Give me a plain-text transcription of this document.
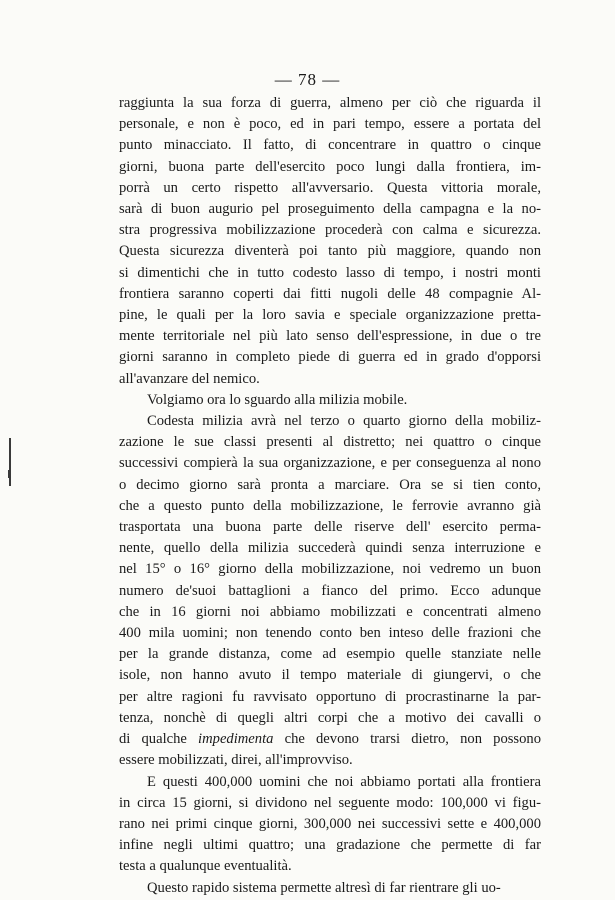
— 78 —
raggiunta la sua forza di guerra, almeno per ciò che riguarda il
personale, e non è poco, ed in pari tempo, essere a portata del
punto minacciato. Il fatto, di concentrare in quattro o cinque
giorni, buona parte dell'esercito poco lungi dalla frontiera, im-
porrà un certo rispetto all'avversario. Questa vittoria morale,
sarà di buon augurio pel proseguimento della campagna e la no-
stra progressiva mobilizzazione procederà con calma e sicurezza.
Questa sicurezza diventerà poi tanto più maggiore, quando non
si dimentichi che in tutto codesto lasso di tempo, i nostri monti
frontiera saranno coperti dai fitti nugoli delle 48 compagnie Al-
pine, le quali per la loro savia e speciale organizzazione pretta-
mente territoriale nel più lato senso dell'espressione, in due o tre
giorni saranno in completo piede di guerra ed in grado d'opporsi
all'avanzare del nemico.
Volgiamo ora lo sguardo alla milizia mobile.
Codesta milizia avrà nel terzo o quarto giorno della mobiliz-
zazione le sue classi presenti al distretto; nei quattro o cinque
successivi compierà la sua organizzazione, e per conseguenza al nono
o decimo giorno sarà pronta a marciare. Ora se si tien conto,
che a questo punto della mobilizzazione, le ferrovie avranno già
trasportata una buona parte delle riserve dell' esercito perma-
nente, quello della milizia succederà quindi senza interruzione e
nel 15° o 16° giorno della mobilizzazione, noi vedremo un buon
numero de'suoi battaglioni a fianco del primo. Ecco adunque
che in 16 giorni noi abbiamo mobilizzati e concentrati almeno
400 mila uomini; non tenendo conto ben inteso delle frazioni che
per la grande distanza, come ad esempio quelle stanziate nelle
isole, non hanno avuto il tempo materiale di giungervi, o che
per altre ragioni fu ravvisato opportuno di procrastinarne la par-
tenza, nonchè di quegli altri corpi che a motivo dei cavalli o
di qualche impedimenta che devono trarsi dietro, non possono
essere mobilizzati, direi, all'improvviso.
E questi 400,000 uomini che noi abbiamo portati alla frontiera
in circa 15 giorni, si dividono nel seguente modo: 100,000 vi figu-
rano nei primi cinque giorni, 300,000 nei successivi sette e 400,000
infine negli ultimi quattro; una gradazione che permette di far
testa a qualunque eventualità.
Questo rapido sistema permette altresì di far rientrare gli uo-
